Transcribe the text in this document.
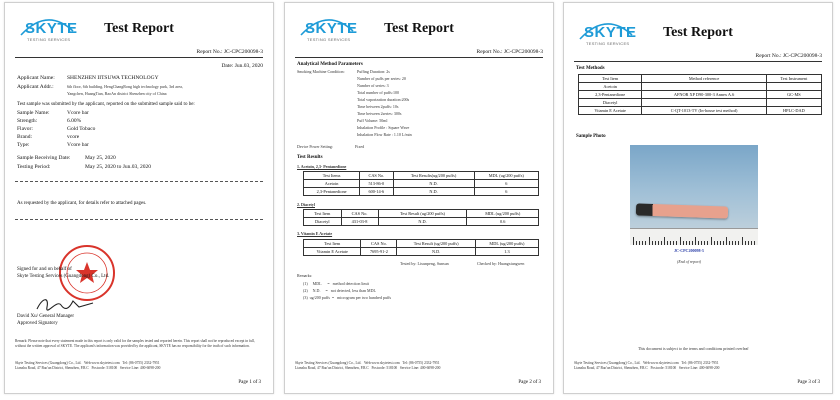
SKYTE
TESTING SERVICES
Test Report
Report No.: JC-CPC200098-3
Date: Jun.03, 2020
Applicant Name: SHENZHEN IITSUWA TECHNOLOGY
Applicant Addr.:	6th floor, 6th building, HengChangRong high technology park, 3rd area,
Yangchen, HuangTian, BaoAn district Shenzhen city of China
Test sample was submitted by the applicant, reported on the submitted sample said to be:
Sample Name:	Vcore bar
Strength:	6.00%
Flavor:	Gold Tobaco
Brand:	vcore
Type:	Vcore bar
Sample Receiving Date:	May 25, 2020
Testing Period:	May 25, 2020 to Jun.03, 2020
As requested by the applicant, for details refer to attached pages.
Signed for and on behalf of
Skyte Testing Services (Guangdong) Co., Ltd.
David Xu/ General Manager
Approved Signatory
Remark: Please note that every statement made in this report is only valid for the samples tested and reported herein. This report shall not be reproduced except in full, without the written approval of SKYTE. The applicant's information was provided by the applicant, SKYTE has no responsibility for the truth of such information.
Skyte Testing Services (Guangdong) Co., Ltd. Web:www.skytetest.com Tel: (86-0755) 2332-7951
Lianzhu Road, 47 Bao'an District, Shenzhen, P.R.C Postcode: 518100 Service Line: 400-6098-200
Page 1 of 3
SKYTE
TESTING SERVICES
Test Report
Report No.: JC-CPC200098-3
Analytical Method Parameters
Smoking Machine Condition:	Puffing Duration: 2s
Number of puffs per series: 20
Number of series: 3
Total number of puffs:100
Total vaporization duration:200s
Time between 2puffs: 10s
Time between 2series: 300s
Puff Volume: 50ml
Inhalation Profile : Square Wave
Inhalation Flow Rate : 1.10 L/min
Device Power Setting:	Fixed
Test Results
1. Acetoin, 2,3- Pentanedione
Test Items	CAS No.	Test Results(ug/200 puffs)	MDL (ug/200 puffs)
Acetoin	513-86-0	N.D.	6
2,3-Pentanedione	600-14-6	N.D.	6
2. Diacetyl
Test Item	CAS No.	Test Result (ug/200 puffs)	MDL (ug/200 puffs)
Diacetyl	431-03-8	N.D.	0.6
3. Vitamin E Acetate
Test Item	CAS No.	Test Result (ug/200 puffs)	MDL (ug/200 puffs)
Vitamin E Acetate	7695-91-2	N.D.	1.3
Tested by: Lixunpeng, Sunsun	Checked by: Huangxiangwen
Remarks:
(1)     MDL      =   method detection limit
(2)     N.D.     =   not detected, less than MDL
(3)  ug/200 puffs  =   microgram per two hundred puffs
Skyte Testing Services (Guangdong) Co., Ltd. Web:www.skytetest.com Tel: (86-0755) 2332-7951
Lianzhu Road, 47 Bao'an District, Shenzhen, P.R.C Postcode: 518100 Service Line: 400-6098-200
Page 2 of 3
SKYTE
TESTING SERVICES
Test Report
Report No.: JC-CPC200098-3
Test Methods
Test Item	Method reference	Test Instrument
Acetoin		
2,3-Pentanedione	AFNOR XP D90-300-3 Annex A.6	GC-MS
Diacetyl		
Vitamin E Acetate	C-QT-1013-TV (In-house test method)	HPLC-DAD
Sample Photo
JC-CPC200098-3
(End of report)
This document is subject to the terms and conditions printed overleaf
Skyte Testing Services (Guangdong) Co., Ltd. Web:www.skytetest.com Tel: (86-0755) 2332-7951
Lianzhu Road, 47 Bao'an District, Shenzhen, P.R.C Postcode: 518100 Service Line: 400-6098-200
Page 3 of 3
